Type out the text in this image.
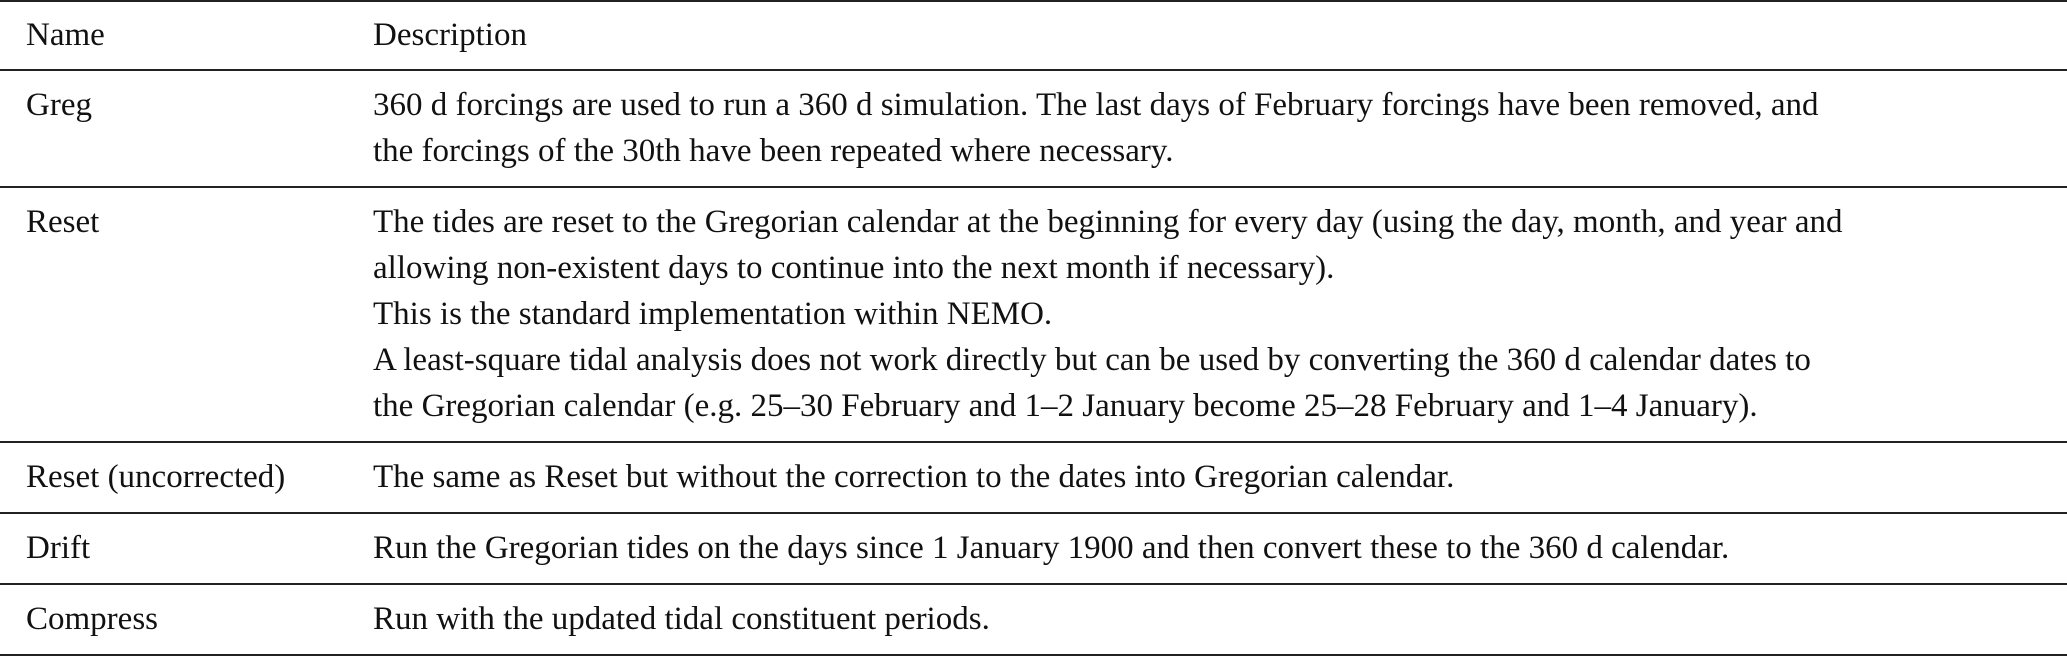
Name	Description
Greg	360 d forcings are used to run a 360 d simulation. The last days of February forcings have been removed, and
the forcings of the 30th have been repeated where necessary.

Reset	The tides are reset to the Gregorian calendar at the beginning for every day (using the day, month, and year and
allowing non-existent days to continue into the next month if necessary).
This is the standard implementation within NEMO.
A least-square tidal analysis does not work directly but can be used by converting the 360 d calendar dates to
the Gregorian calendar (e.g. 25–30 February and 1–2 January become 25–28 February and 1–4 January).

Reset (uncorrected)	The same as Reset but without the correction to the dates into Gregorian calendar.

Drift	Run the Gregorian tides on the days since 1 January 1900 and then convert these to the 360 d calendar.

Compress	Run with the updated tidal constituent periods.
